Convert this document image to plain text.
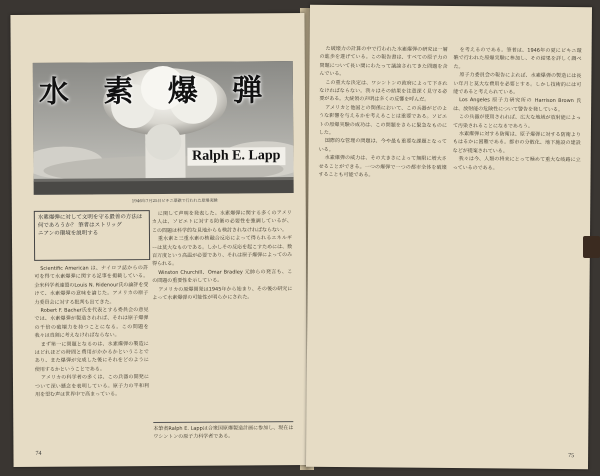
水 素 爆 弾
Ralph E. Lapp
1946年7月25日ビキニ環礁で行われた原爆実験

水素爆弾に対して文明を守る最善の方法は何であろうか？ 筆者はストリッグ

ニアンの環境を説明する

Scientific American は、ナイロフ誌からの許可を得て水素爆弾に関する記事を掲載している。全米科学者連盟のLouis N. Ridenour氏の論評を受けて、水素爆弾の意味を論じた。アメリカの原子力委員会に対する批判も出てきた。

Robert F. Bacher氏を代表とする委員会の意見では、水素爆弾が製造されれば、それは原子爆弾の千倍の破壊力を持つことになる。この問題を我々は真剣に考えなければならない。

まず第一に問題となるのは、水素爆弾の製造にはどれほどの時間と費用がかかるかということであり、また爆弾が完成した後にそれをどのように使用するかということである。

アメリカの科学者の多くは、この兵器の開発について深い懸念を表明している。原子力の平和利用を望む声は世界中で高まっている。

に関して声明を発表した。水素爆弾に関する多くのアメリカ人は、ソビエトに対する防衛の必要性を強調しているが、この問題は科学的な見地からも検討されなければならない。

重水素と三重水素の核融合反応によって得られるエネルギーは莫大なものである。しかしその反応を起こすためには、数百万度という高温が必要であり、それは原子爆弾によってのみ得られる。

Winston Churchill、Omar Bradley 元帥らの発言も、この問題の重要性を示している。

アメリカの原爆開発は1945年から始まり、その後の研究によって水素爆弾の可能性が明らかにされた。

本筆者Ralph E. Lappは合衆国原爆製造計画に参加し、現在はワシントンの原子力科学者である。
74

た破壊力の計算の中で行われた水素爆弾の研究は一層の進歩を遂げている。この報告書は、すべての原子力の問題について長い間にわたって議論されてきた問題を含んでいる。

この重大な決定は、ワシントンの政府によって下されなければならない。我々はその結果を注意深く見守る必要がある。大統領の声明は多くの反響を呼んだ。

アメリカと他国との関係において、この兵器がどのような影響を与えるかを考えることは重要である。ソビエトの原爆実験の成功は、この問題をさらに緊急なものにした。

国際的な管理の問題は、今や最も重要な課題となっている。

水素爆弾の威力は、その大きさによって無限に増大させることができる。一つの爆弾で一つの都市全体を破壊することも可能である。

を考えるのである。筆者は、1946年の夏にビキニ環礁で行われた原爆実験に参加し、その結果を詳しく調べた。

原子力委員会の報告によれば、水素爆弾の製造には長い年月と莫大な費用を必要とする。しかし技術的には可能であると考えられている。

Los Angeles 原子力研究所の Harrison Brown 氏は、放射能の危険性について警告を発している。

この兵器が使用されれば、広大な地域が放射能によって汚染されることになるであろう。

水素爆弾に対する防衛は、原子爆弾に対する防衛よりもはるかに困難である。都市の分散化、地下施設の建設などが提案されている。

我々は今、人類の将来にとって極めて重大な岐路に立っているのである。

75
